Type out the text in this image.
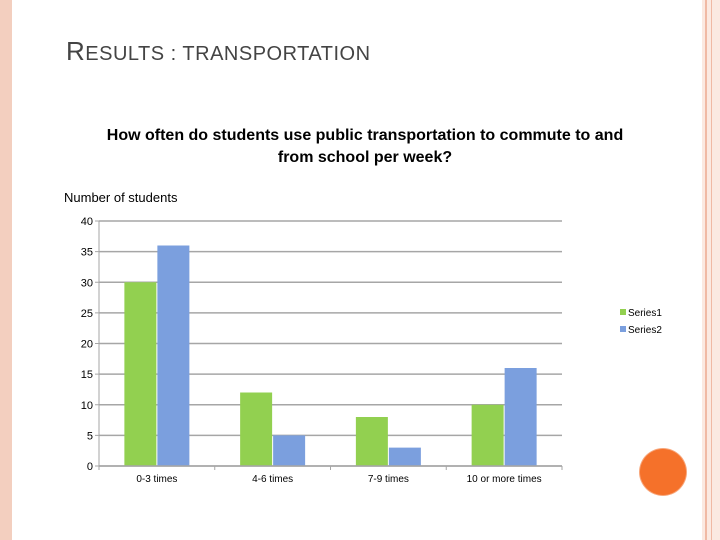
RESULTS : TRANSPORTATION
How often do students use public transportation to commute to and from school per week?
Number of students
0
5
10
15
20
25
30
35
40
0-3 times	4-6 times	7-9 times	10 or more times
Series1
Series2
